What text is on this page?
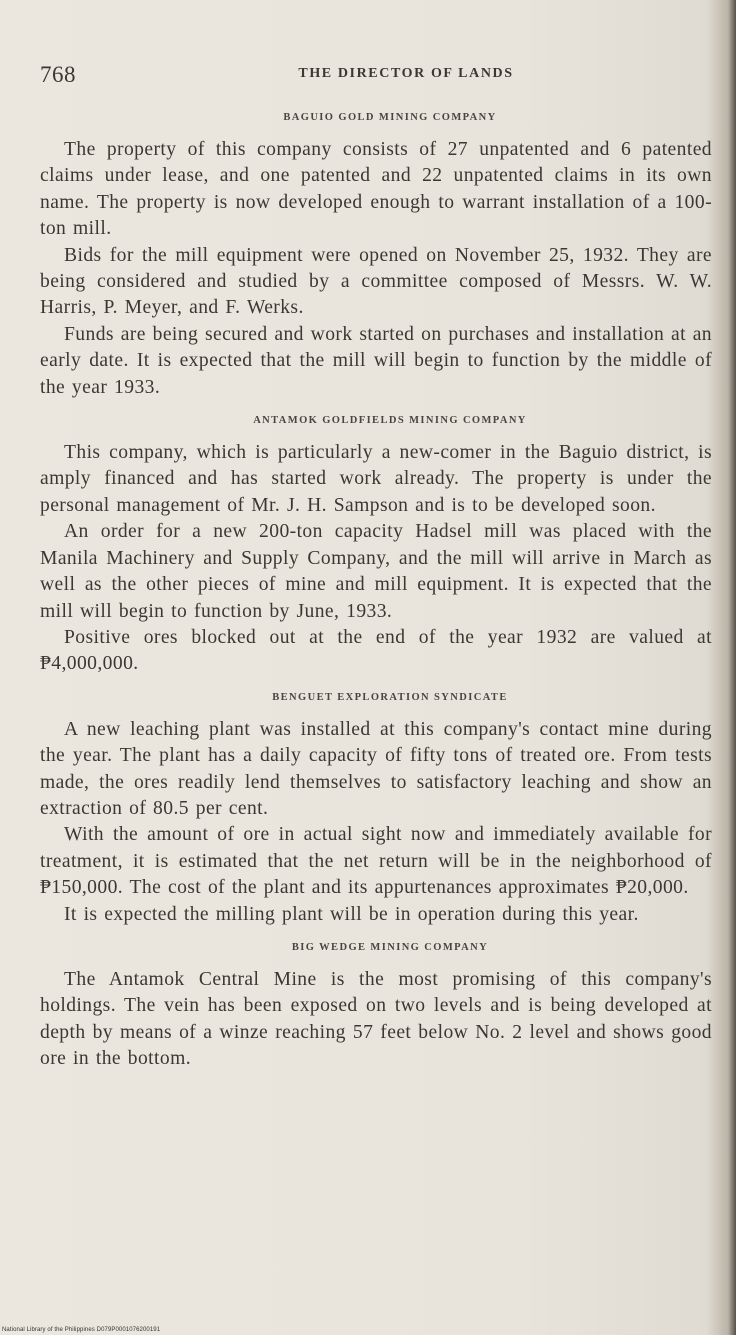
768	THE DIRECTOR OF LANDS
BAGUIO GOLD MINING COMPANY

The property of this company consists of 27 unpatented and 6 patented claims under lease, and one patented and 22 unpatented claims in its own name. The property is now developed enough to warrant installation of a 100-ton mill.

Bids for the mill equipment were opened on November 25, 1932. They are being considered and studied by a committee composed of Messrs. W. W. Harris, P. Meyer, and F. Werks.

Funds are being secured and work started on purchases and installation at an early date. It is expected that the mill will begin to function by the middle of the year 1933.

ANTAMOK GOLDFIELDS MINING COMPANY

This company, which is particularly a new-comer in the Baguio district, is amply financed and has started work already. The property is under the personal management of Mr. J. H. Sampson and is to be developed soon.

An order for a new 200-ton capacity Hadsel mill was placed with the Manila Machinery and Supply Company, and the mill will arrive in March as well as the other pieces of mine and mill equipment. It is expected that the mill will begin to function by June, 1933.

Positive ores blocked out at the end of the year 1932 are valued at ₱4,000,000.

BENGUET EXPLORATION SYNDICATE

A new leaching plant was installed at this company's contact mine during the year. The plant has a daily capacity of fifty tons of treated ore. From tests made, the ores readily lend themselves to satisfactory leaching and show an extraction of 80.5 per cent.

With the amount of ore in actual sight now and immediately available for treatment, it is estimated that the net return will be in the neighborhood of ₱150,000. The cost of the plant and its appurtenances approximates ₱20,000.

It is expected the milling plant will be in operation during this year.

BIG WEDGE MINING COMPANY

The Antamok Central Mine is the most promising of this company's holdings. The vein has been exposed on two levels and is being developed at depth by means of a winze reaching 57 feet below No. 2 level and shows good ore in the bottom.

National Library of the Philippines D079P0001076200191
